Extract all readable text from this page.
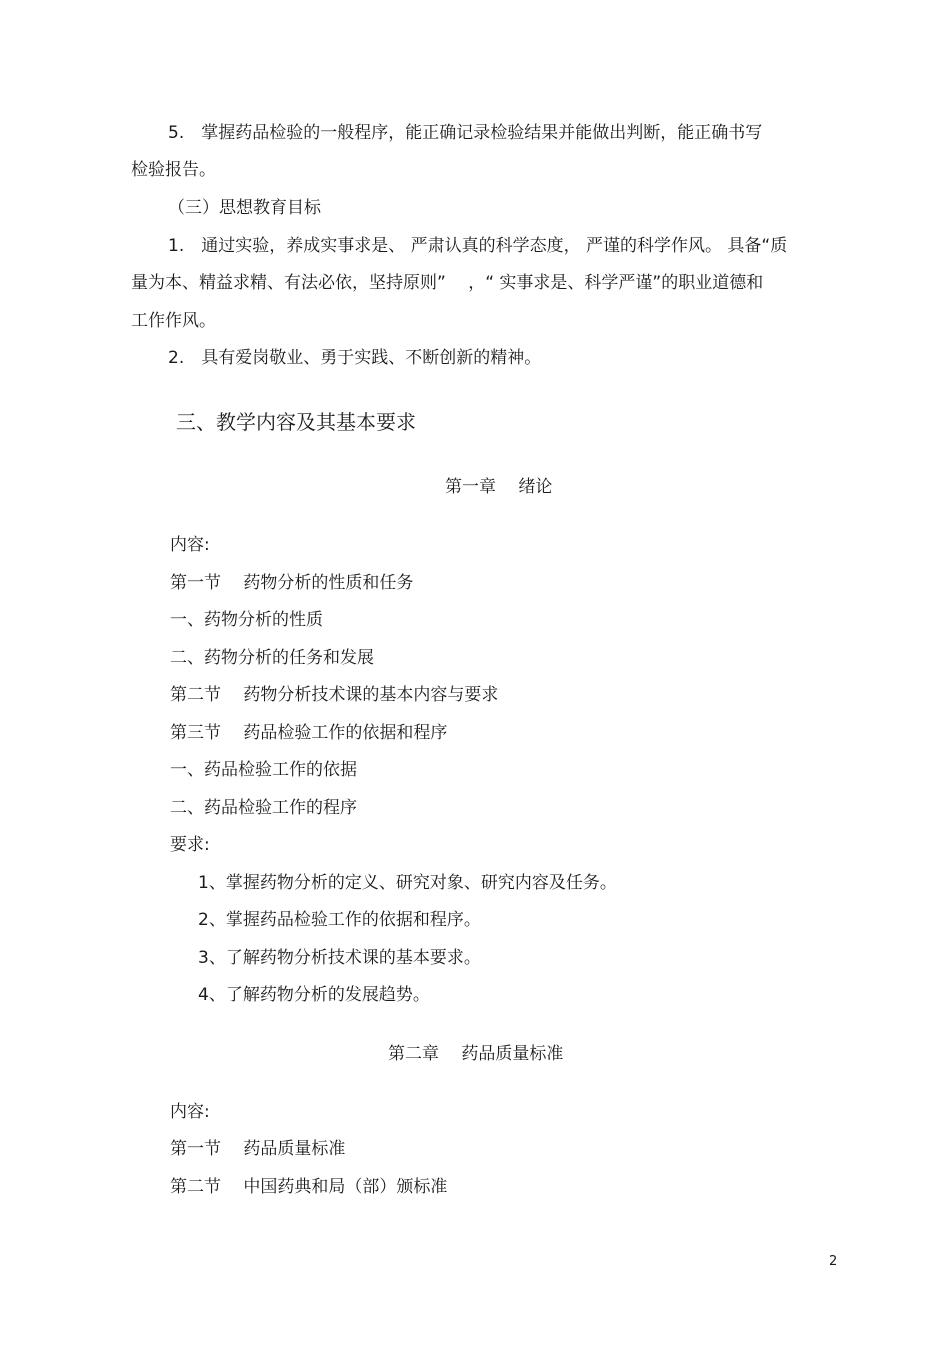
5.　掌握药品检验的一般程序，能正确记录检验结果并能做出判断，能正确书写
检验报告。
（三）思想教育目标
1.　通过实验，养成实事求是、 严肃认真的科学态度， 严谨的科学作风。 具备“质
量为本、精益求精、有法必依，坚持原则”　 ，“ 实事求是、科学严谨”的职业道德和
工作作风。
2.　具有爱岗敬业、勇于实践、不断创新的精神。
三、教学内容及其基本要求
第一章　 绪论
内容:
第一节　 药物分析的性质和任务
一、药物分析的性质
二、药物分析的任务和发展
第二节　 药物分析技术课的基本内容与要求
第三节　 药品检验工作的依据和程序
一、药品检验工作的依据
二、药品检验工作的程序
要求:
1、掌握药物分析的定义、研究对象、研究内容及任务。
2、掌握药品检验工作的依据和程序。
3、了解药物分析技术课的基本要求。
4、了解药物分析的发展趋势。
第二章　 药品质量标准
内容:
第一节　 药品质量标准
第二节　 中国药典和局（部）颁标准
2
